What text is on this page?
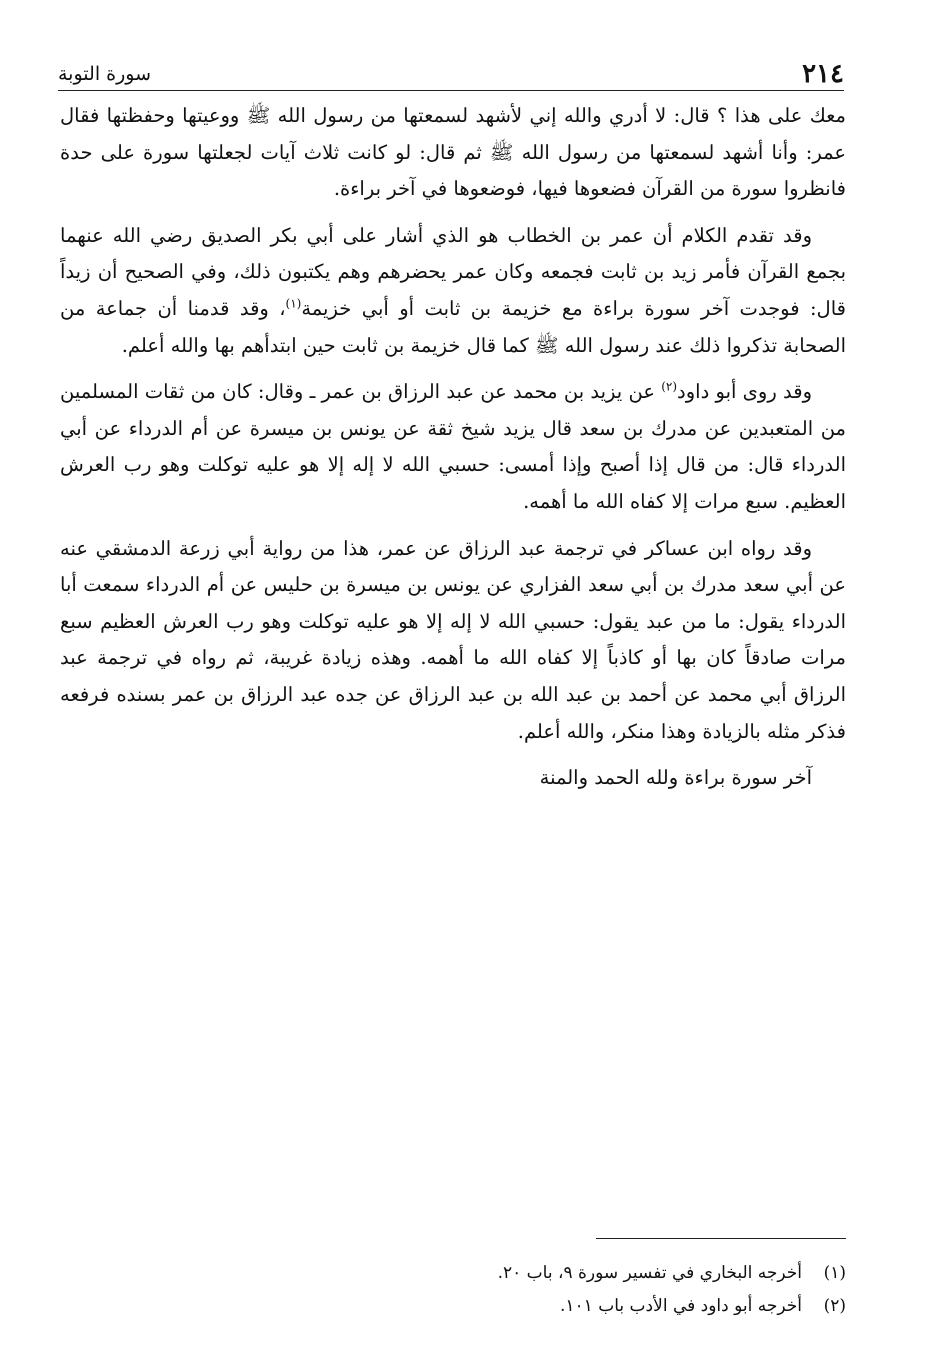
٢١٤
سورة التوبة

معك على هذا ؟ قال: لا أدري والله إني لأشهد لسمعتها من رسول الله ﷺ ووعيتها وحفظتها فقال عمر: وأنا أشهد لسمعتها من رسول الله ﷺ ثم قال: لو كانت ثلاث آيات لجعلتها سورة على حدة فانظروا سورة من القرآن فضعوها فيها، فوضعوها في آخر براءة.

وقد تقدم الكلام أن عمر بن الخطاب هو الذي أشار على أبي بكر الصديق رضي الله عنهما بجمع القرآن فأمر زيد بن ثابت فجمعه وكان عمر يحضرهم وهم يكتبون ذلك، وفي الصحيح أن زيداً قال: فوجدت آخر سورة براءة مع خزيمة بن ثابت أو أبي خزيمة$^{(١)}$، وقد قدمنا أن جماعة من الصحابة تذكروا ذلك عند رسول الله ﷺ كما قال خزيمة بن ثابت حين ابتدأهم بها والله أعلم.

وقد روى أبو داود$^{(٢)}$ عن يزيد بن محمد عن عبد الرزاق بن عمر ـ وقال: كان من ثقات المسلمين من المتعبدين عن مدرك بن سعد قال يزيد شيخ ثقة عن يونس بن ميسرة عن أم الدرداء عن أبي الدرداء قال: من قال إذا أصبح وإذا أمسى: حسبي الله لا إله إلا هو عليه توكلت وهو رب العرش العظيم. سبع مرات إلا كفاه الله ما أهمه.

وقد رواه ابن عساكر في ترجمة عبد الرزاق عن عمر، هذا من رواية أبي زرعة الدمشقي عنه عن أبي سعد مدرك بن أبي سعد الفزاري عن يونس بن ميسرة بن حليس عن أم الدرداء سمعت أبا الدرداء يقول: ما من عبد يقول: حسبي الله لا إله إلا هو عليه توكلت وهو رب العرش العظيم سبع مرات صادقاً كان بها أو كاذباً إلا كفاه الله ما أهمه. وهذه زيادة غريبة، ثم رواه في ترجمة عبد الرزاق أبي محمد عن أحمد بن عبد الله بن عبد الرزاق عن جده عبد الرزاق بن عمر بسنده فرفعه فذكر مثله بالزيادة وهذا منكر، والله أعلم.

آخر سورة براءة ولله الحمد والمنة

(١)
أخرجه البخاري في تفسير سورة ٩، باب ٢٠.
(٢)
أخرجه أبو داود في الأدب باب ١٠١.
